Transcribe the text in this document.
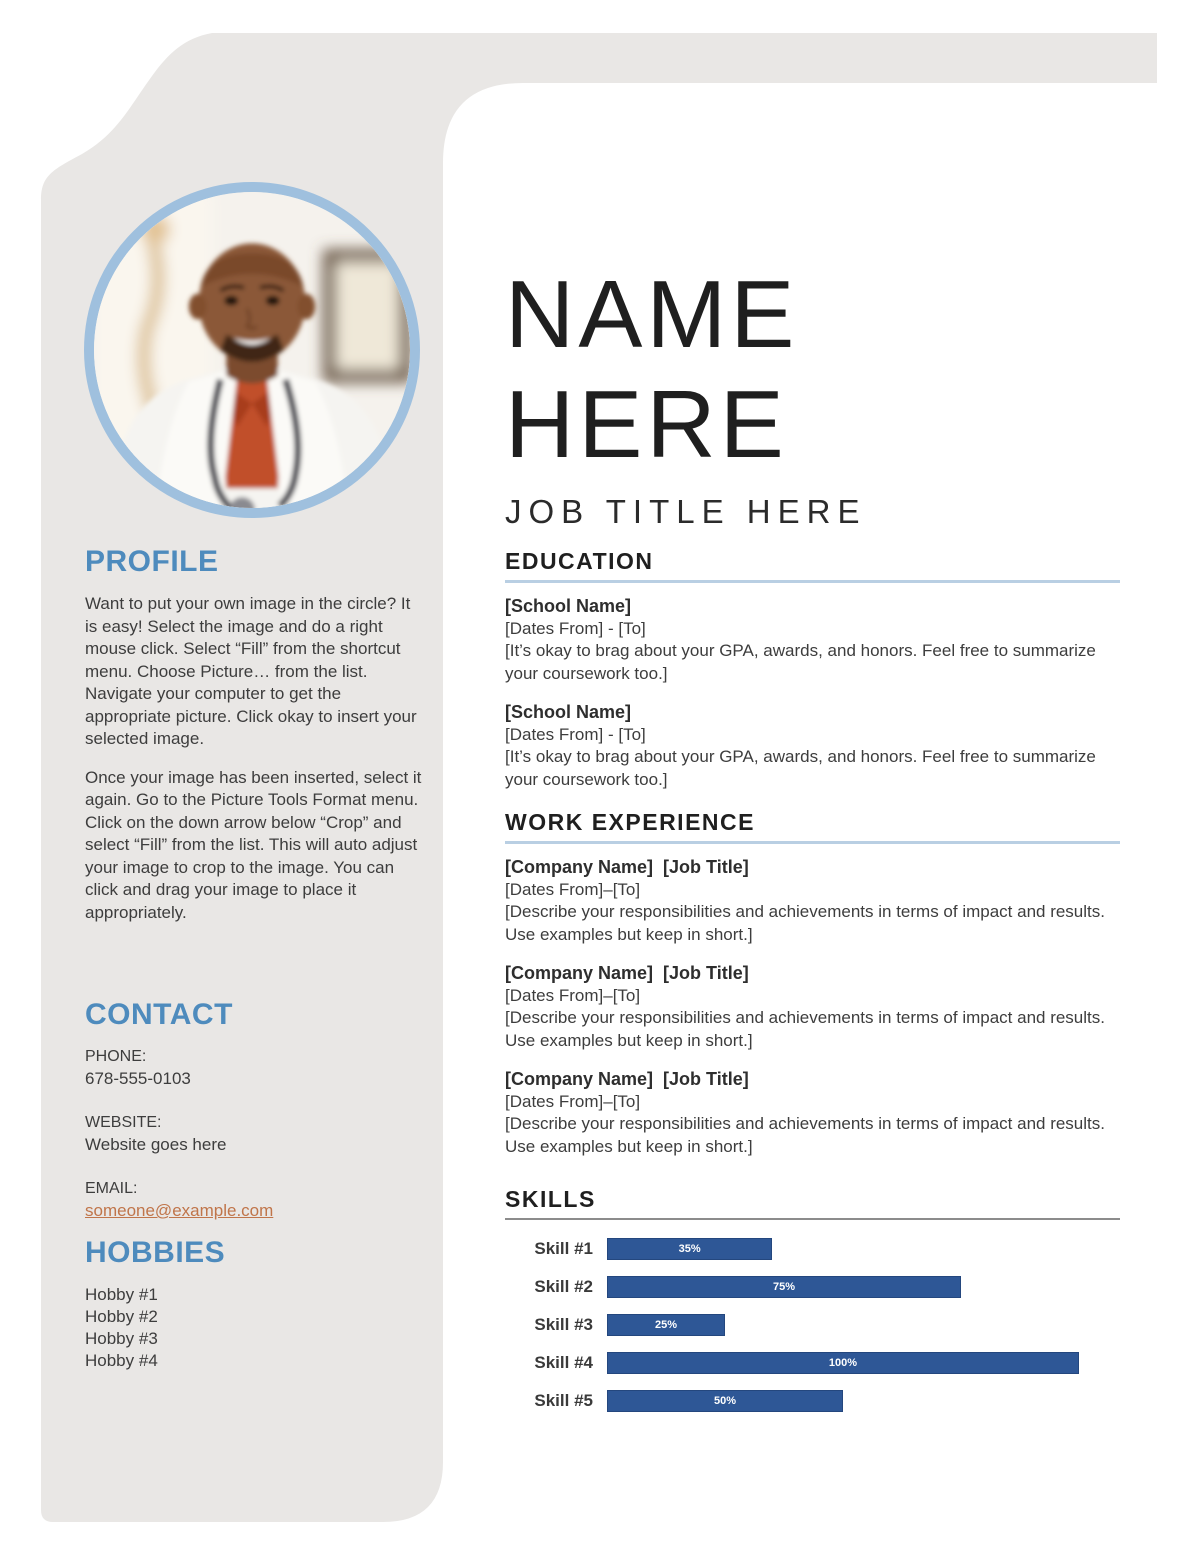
PROFILE

Want to put your own image in the circle? It is easy! Select the image and do a right mouse click. Select “Fill” from the shortcut menu. Choose Picture… from the list. Navigate your computer to get the appropriate picture. Click okay to insert your selected image.

Once your image has been inserted, select it again. Go to the Picture Tools Format menu. Click on the down arrow below “Crop” and select “Fill” from the list. This will auto adjust your image to crop to the image. You can click and drag your image to place it appropriately.

CONTACT
PHONE:
678-555-0103
WEBSITE:
Website goes here
EMAIL:
someone@example.com
HOBBIES
Hobby #1
Hobby #2
Hobby #3
Hobby #4
NAME
HERE
JOB TITLE HERE
EDUCATION
[School Name]
[Dates From] - [To]
[It’s okay to brag about your GPA, awards, and honors. Feel free to summarize your coursework too.]
[School Name]
[Dates From] - [To]
[It’s okay to brag about your GPA, awards, and honors. Feel free to summarize your coursework too.]
WORK EXPERIENCE
[Company Name] [Job Title]
[Dates From]–[To]
[Describe your responsibilities and achievements in terms of impact and results. Use examples but keep in short.]
[Company Name] [Job Title]
[Dates From]–[To]
[Describe your responsibilities and achievements in terms of impact and results. Use examples but keep in short.]
[Company Name] [Job Title]
[Dates From]–[To]
[Describe your responsibilities and achievements in terms of impact and results. Use examples but keep in short.]
SKILLS
Skill #1	35%
Skill #2	75%
Skill #3	25%
Skill #4	100%
Skill #5	50%
